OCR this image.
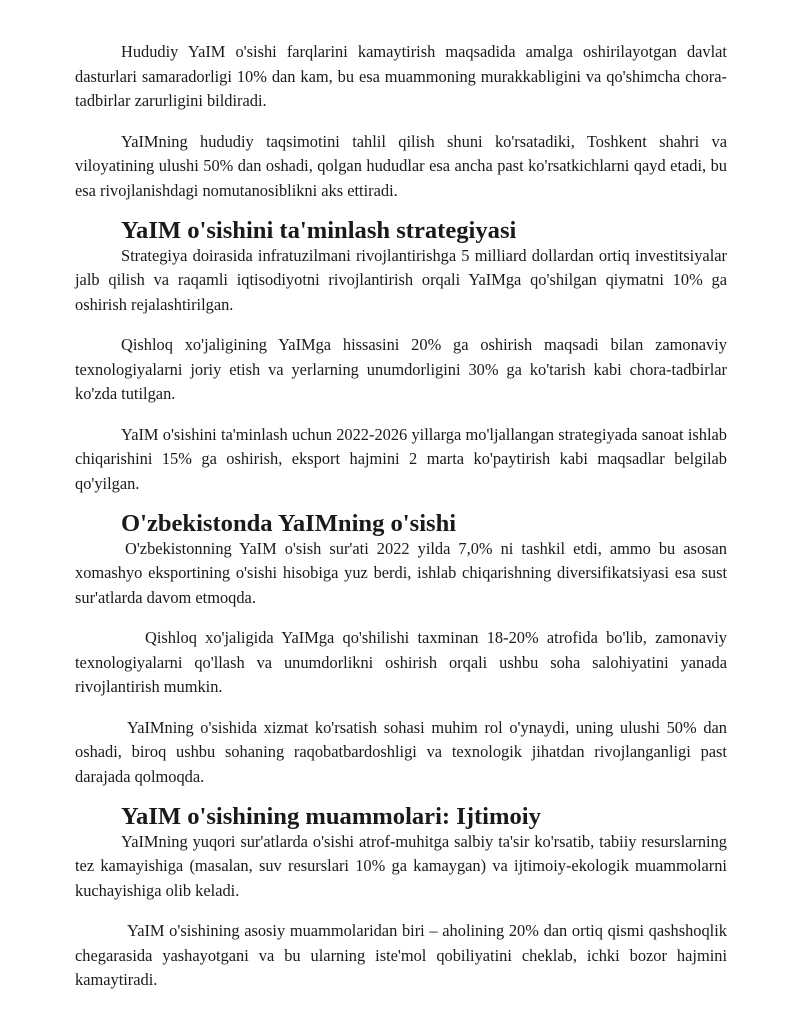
Hududiy YaIM o'sishi farqlarini kamaytirish maqsadida amalga oshirilayotgan davlat dasturlari samaradorligi 10% dan kam, bu esa muammoning murakkabligini va qo'shimcha chora-tadbirlar zarurligini bildiradi.

YaIMning hududiy taqsimotini tahlil qilish shuni ko'rsatadiki, Toshkent shahri va viloyatining ulushi 50% dan oshadi, qolgan hududlar esa ancha past ko'rsatkichlarni qayd etadi, bu esa rivojlanishdagi nomutanosiblikni aks ettiradi.

YaIM o'sishini ta'minlash strategiyasi

Strategiya doirasida infratuzilmani rivojlantirishga 5 milliard dollardan ortiq investitsiyalar jalb qilish va raqamli iqtisodiyotni rivojlantirish orqali YaIMga qo'shilgan qiymatni 10% ga oshirish rejalashtirilgan.

Qishloq xo'jaligining YaIMga hissasini 20% ga oshirish maqsadi bilan zamonaviy texnologiyalarni joriy etish va yerlarning unumdorligini 30% ga ko'tarish kabi chora-tadbirlar ko'zda tutilgan.

YaIM o'sishini ta'minlash uchun 2022-2026 yillarga mo'ljallangan strategiyada sanoat ishlab chiqarishini 15% ga oshirish, eksport hajmini 2 marta ko'paytirish kabi maqsadlar belgilab qo'yilgan.

O'zbekistonda YaIMning o'sishi

O'zbekistonning YaIM o'sish sur'ati 2022 yilda 7,0% ni tashkil etdi, ammo bu asosan xomashyo eksportining o'sishi hisobiga yuz berdi, ishlab chiqarishning diversifikatsiyasi esa sust sur'atlarda davom etmoqda.

Qishloq xo'jaligida YaIMga qo'shilishi taxminan 18-20% atrofida bo'lib, zamonaviy texnologiyalarni qo'llash va unumdorlikni oshirish orqali ushbu soha salohiyatini yanada rivojlantirish mumkin.

YaIMning o'sishida xizmat ko'rsatish sohasi muhim rol o'ynaydi, uning ulushi 50% dan oshadi, biroq ushbu sohaning raqobatbardoshligi va texnologik jihatdan rivojlanganligi past darajada qolmoqda.

YaIM o'sishining muammolari: Ijtimoiy

YaIMning yuqori sur'atlarda o'sishi atrof-muhitga salbiy ta'sir ko'rsatib, tabiiy resurslarning tez kamayishiga (masalan, suv resurslari 10% ga kamaygan) va ijtimoiy-ekologik muammolarni kuchayishiga olib keladi.

YaIM o'sishining asosiy muammolaridan biri – aholining 20% dan ortiq qismi qashshoqlik chegarasida yashayotgani va bu ularning iste'mol qobiliyatini cheklab, ichki bozor hajmini kamaytiradi.
